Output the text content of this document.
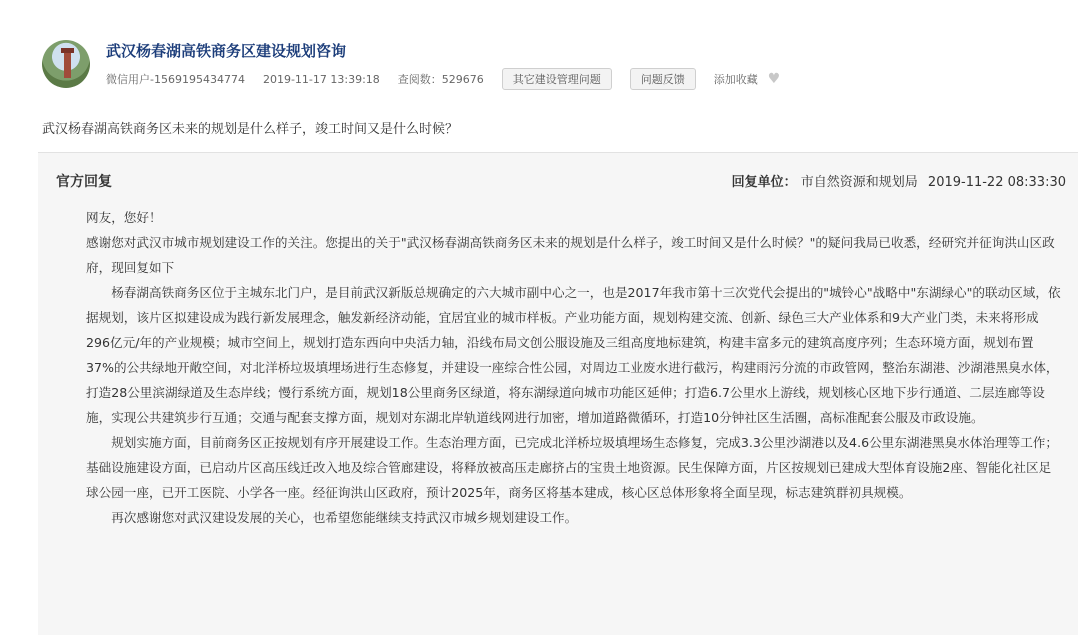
武汉杨春湖高铁商务区建设规划咨询
微信用户-1569195434774 2019-11-17 13:39:18 查阅数：529676	其它建设管理问题	问题反馈	添加收藏 ♥
武汉杨春湖高铁商务区未来的规划是什么样子，竣工时间又是什么时候？
官方回复	回复单位： 市自然资源和规划局 2019-11-22 08:33:30

网友，您好！

感谢您对武汉市城市规划建设工作的关注。您提出的关于"武汉杨春湖高铁商务区未来的规划是什么样子，竣工时间又是什么时候？"的疑问我局已收悉，经研究并征询洪山区政府，现回复如下

杨春湖高铁商务区位于主城东北门户，是目前武汉新版总规确定的六大城市副中心之一，也是2017年我市第十三次党代会提出的"城铃心"战略中"东湖绿心"的联动区域，依据规划，该片区拟建设成为践行新发展理念，触发新经济动能，宜居宜业的城市样板。产业功能方面，规划构建交流、创新、绿色三大产业体系和9大产业门类，未来将形成296亿元/年的产业规模；城市空间上，规划打造东西向中央活力轴，沿线布局文创公服设施及三组高度地标建筑，构建丰富多元的建筑高度序列；生态环境方面，规划布置37%的公共绿地开敞空间，对北洋桥垃圾填埋场进行生态修复，并建设一座综合性公园，对周边工业废水进行截污，构建雨污分流的市政管网，整治东湖港、沙湖港黑臭水体，打造28公里滨湖绿道及生态岸线；慢行系统方面，规划18公里商务区绿道，将东湖绿道向城市功能区延伸；打造6.7公里水上游线，规划核心区地下步行通道、二层连廊等设施，实现公共建筑步行互通；交通与配套支撑方面，规划对东湖北岸轨道线网进行加密，增加道路微循环，打造10分钟社区生活圈，高标准配套公服及市政设施。

规划实施方面，目前商务区正按规划有序开展建设工作。生态治理方面，已完成北洋桥垃圾填埋场生态修复，完成3.3公里沙湖港以及4.6公里东湖港黑臭水体治理等工作；基础设施建设方面，已启动片区高压线迁改入地及综合管廊建设，将释放被高压走廊挤占的宝贵土地资源。民生保障方面，片区按规划已建成大型体育设施2座、智能化社区足球公园一座，已开工医院、小学各一座。经征询洪山区政府，预计2025年，商务区将基本建成，核心区总体形象将全面呈现，标志建筑群初具规模。

再次感谢您对武汉建设发展的关心，也希望您能继续支持武汉市城乡规划建设工作。
